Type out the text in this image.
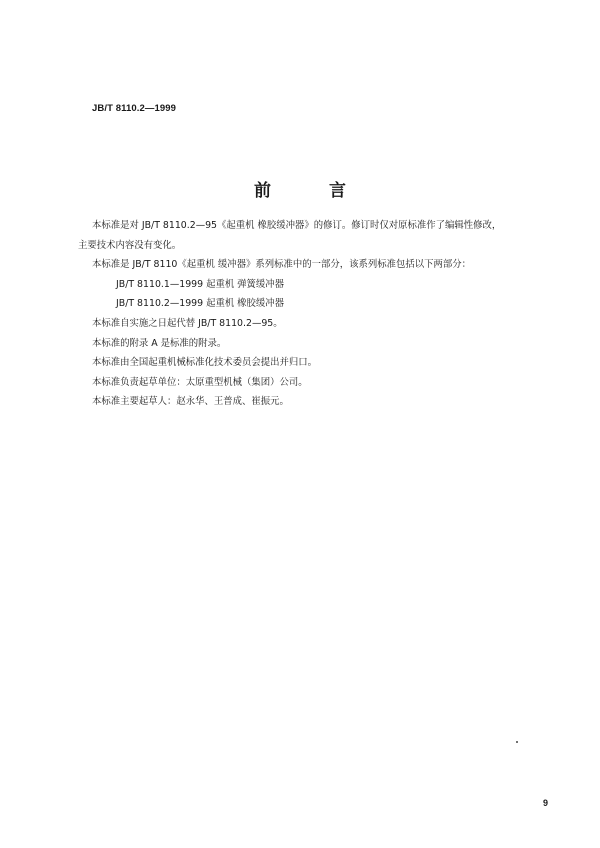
JB/T 8110.2—1999
前 言
本标准是对 JB/T 8110.2—95《起重机 橡胶缓冲器》的修订。修订时仅对原标准作了编辑性修改，
主要技术内容没有变化。
本标准是 JB/T 8110《起重机 缓冲器》系列标准中的一部分，该系列标准包括以下两部分：
JB/T 8110.1—1999 起重机 弹簧缓冲器
JB/T 8110.2—1999 起重机 橡胶缓冲器
本标准自实施之日起代替 JB/T 8110.2—95。
本标准的附录 A 是标准的附录。
本标准由全国起重机械标准化技术委员会提出并归口。
本标准负责起草单位：太原重型机械（集团）公司。
本标准主要起草人：赵永华、王普成、崔振元。
9
